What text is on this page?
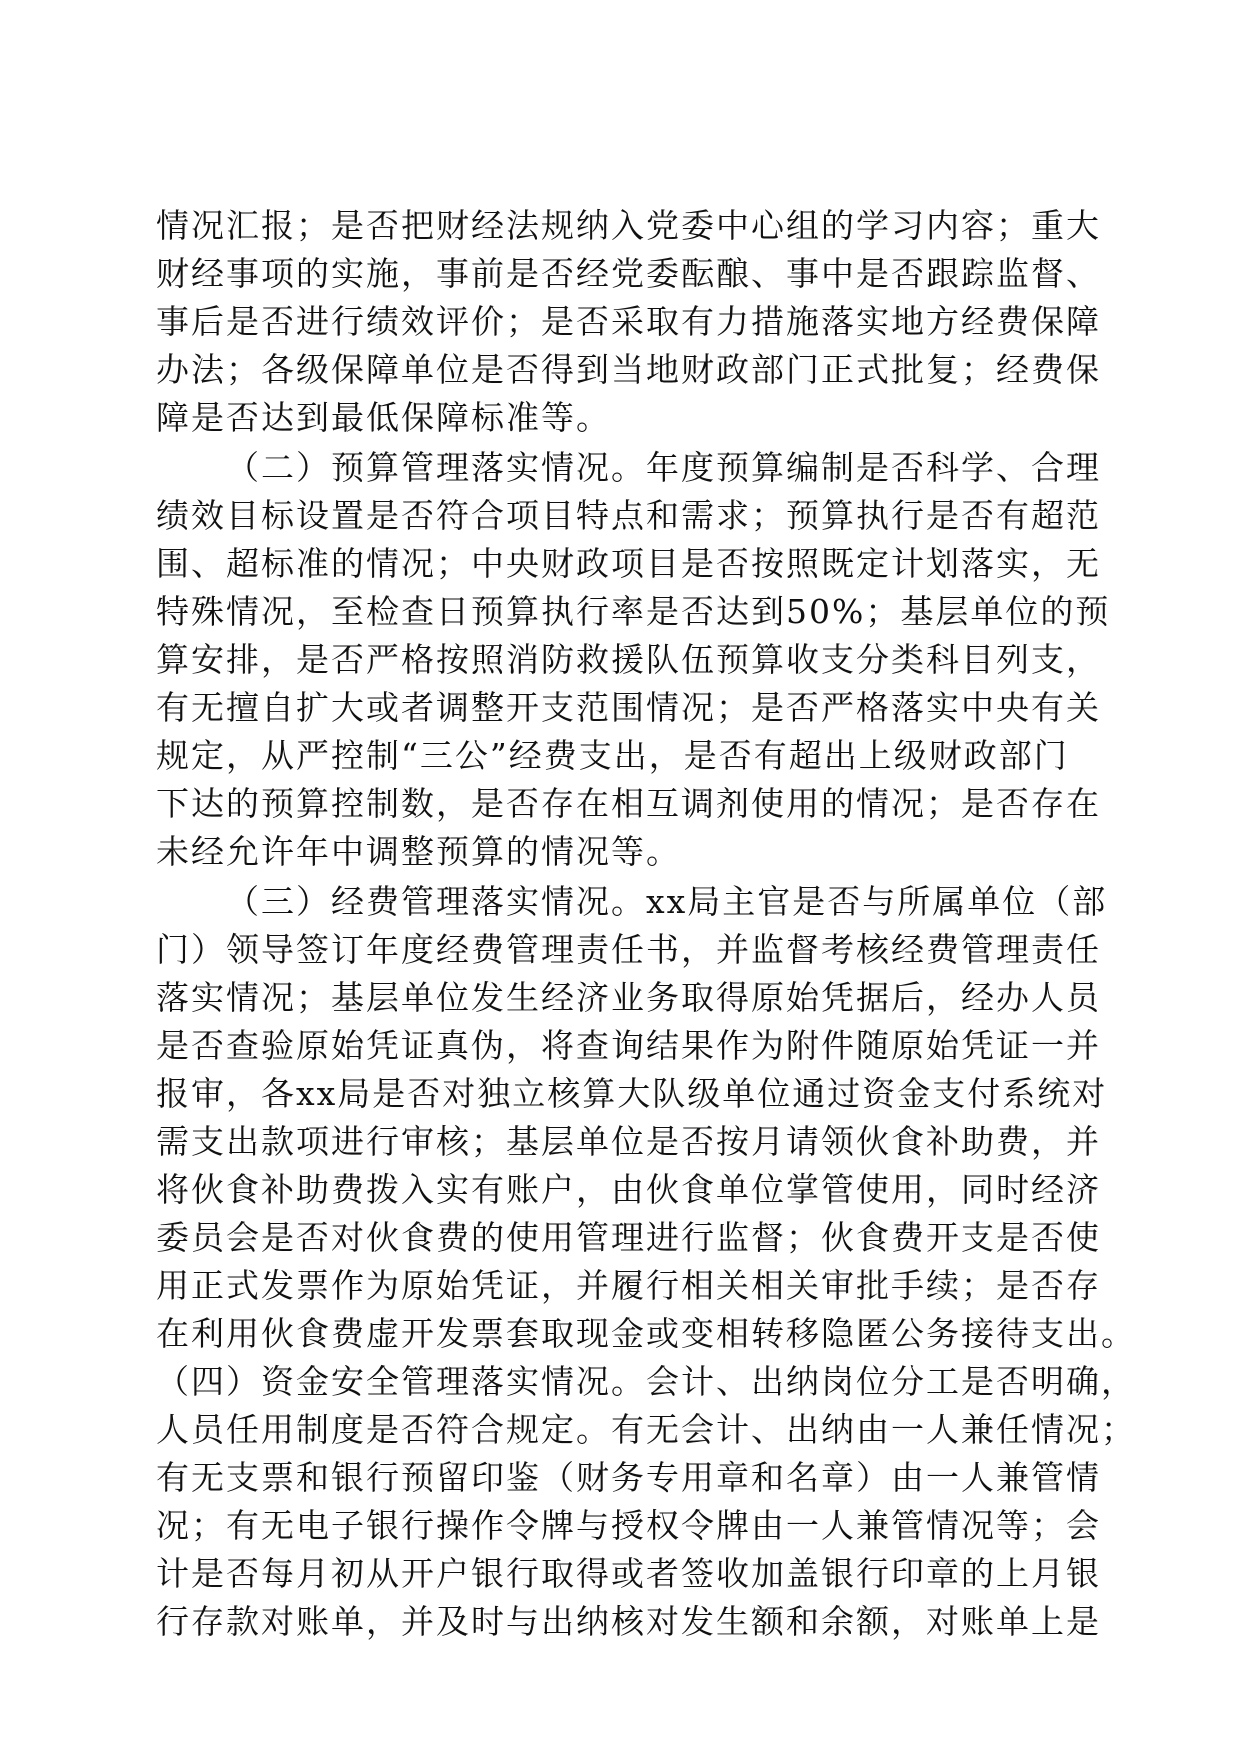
情况汇报；是否把财经法规纳入党委中心组的学习内容；重大
财经事项的实施，事前是否经党委酝酿、事中是否跟踪监督、
事后是否进行绩效评价；是否采取有力措施落实地方经费保障
办法；各级保障单位是否得到当地财政部门正式批复；经费保
障是否达到最低保障标准等。
（二）预算管理落实情况。年度预算编制是否科学、合理
绩效目标设置是否符合项目特点和需求；预算执行是否有超范
围、超标准的情况；中央财政项目是否按照既定计划落实，无
特殊情况，至检查日预算执行率是否达到50%；基层单位的预
算安排，是否严格按照消防救援队伍预算收支分类科目列支，
有无擅自扩大或者调整开支范围情况；是否严格落实中央有关
规定，从严控制“三公”经费支出，是否有超出上级财政部门
下达的预算控制数，是否存在相互调剂使用的情况；是否存在
未经允许年中调整预算的情况等。
（三）经费管理落实情况。xx局主官是否与所属单位（部
门）领导签订年度经费管理责任书，并监督考核经费管理责任
落实情况；基层单位发生经济业务取得原始凭据后，经办人员
是否查验原始凭证真伪，将查询结果作为附件随原始凭证一并
报审，各xx局是否对独立核算大队级单位通过资金支付系统对
需支出款项进行审核；基层单位是否按月请领伙食补助费，并
将伙食补助费拨入实有账户，由伙食单位掌管使用，同时经济
委员会是否对伙食费的使用管理进行监督；伙食费开支是否使
用正式发票作为原始凭证，并履行相关相关审批手续；是否存
在利用伙食费虚开发票套取现金或变相转移隐匿公务接待支出。
（四）资金安全管理落实情况。会计、出纳岗位分工是否明确，
人员任用制度是否符合规定。有无会计、出纳由一人兼任情况；
有无支票和银行预留印鉴（财务专用章和名章）由一人兼管情
况；有无电子银行操作令牌与授权令牌由一人兼管情况等；会
计是否每月初从开户银行取得或者签收加盖银行印章的上月银
行存款对账单，并及时与出纳核对发生额和余额，对账单上是
